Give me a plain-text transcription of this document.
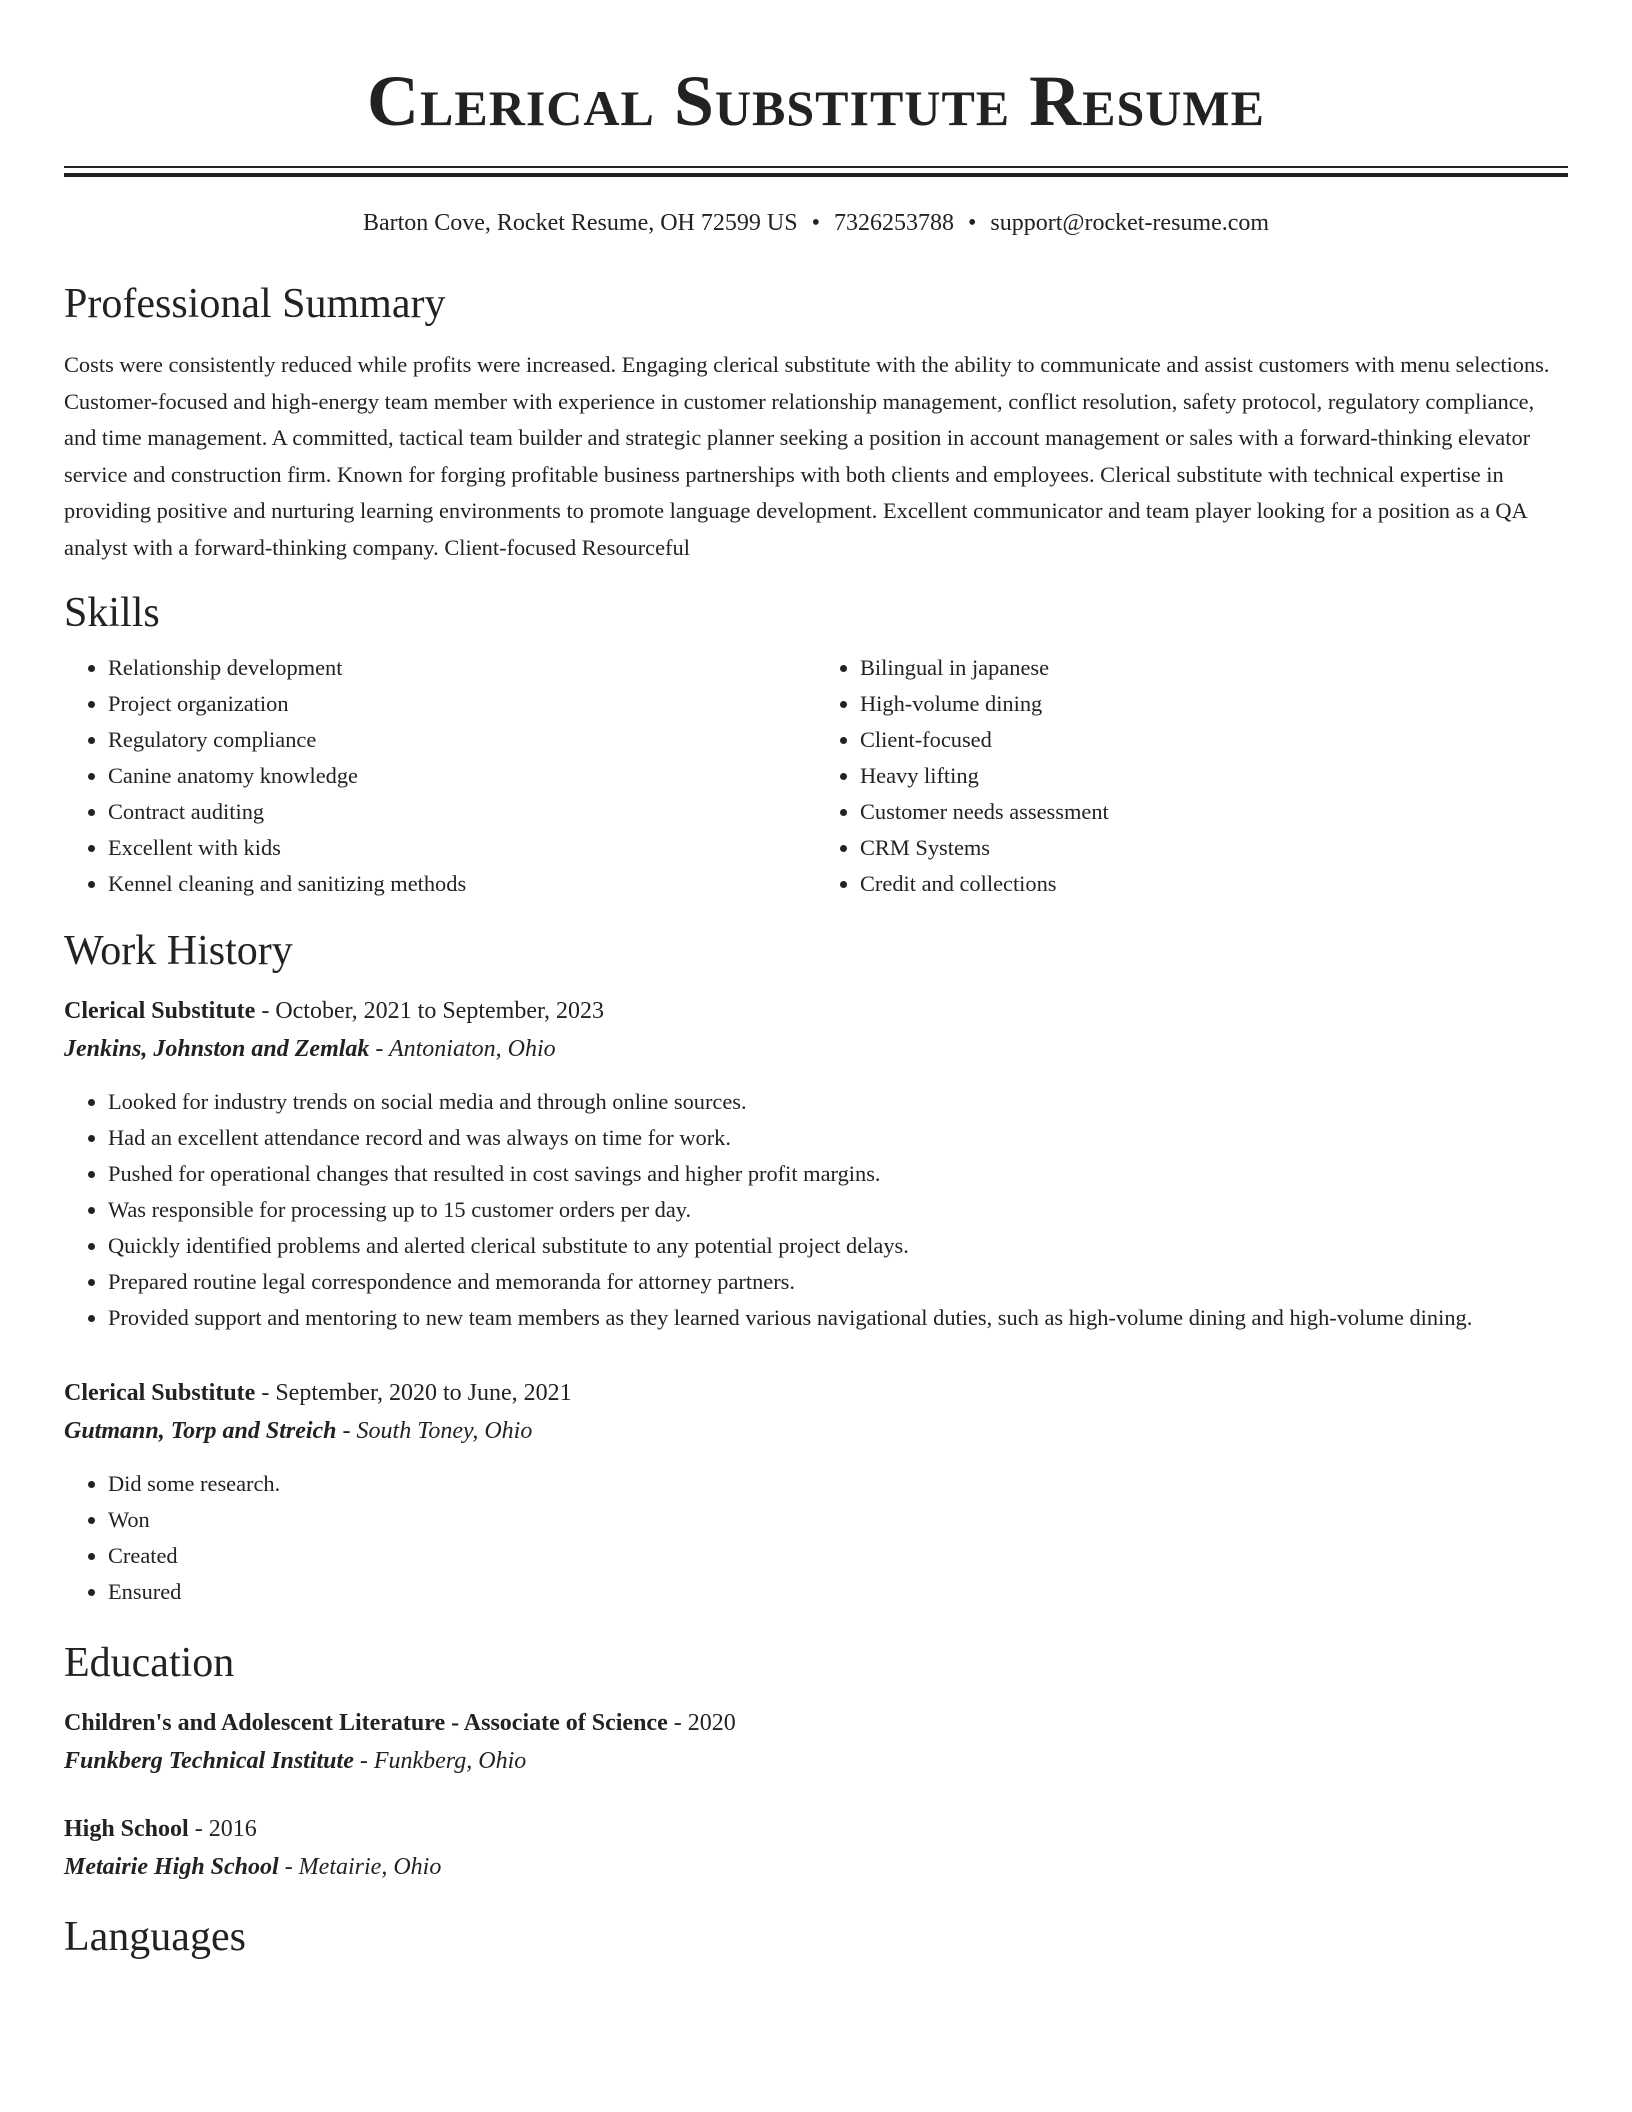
Clerical Substitute Resume
Barton Cove, Rocket Resume, OH 72599 US • 7326253788 • support@rocket-resume.com
Professional Summary
Costs were consistently reduced while profits were increased. Engaging clerical substitute with the ability to communicate and assist customers with menu selections. Customer-focused and high-energy team member with experience in customer relationship management, conflict resolution, safety protocol, regulatory compliance, and time management. A committed, tactical team builder and strategic planner seeking a position in account management or sales with a forward-thinking elevator service and construction firm. Known for forging profitable business partnerships with both clients and employees. Clerical substitute with technical expertise in providing positive and nurturing learning environments to promote language development. Excellent communicator and team player looking for a position as a QA analyst with a forward-thinking company. Client-focused Resourceful
Skills
• Relationship development
• Project organization
• Regulatory compliance
• Canine anatomy knowledge
• Contract auditing
• Excellent with kids
• Kennel cleaning and sanitizing methods
• Bilingual in japanese
• High-volume dining
• Client-focused
• Heavy lifting
• Customer needs assessment
• CRM Systems
• Credit and collections
Work History
Clerical Substitute - October, 2021 to September, 2023
Jenkins, Johnston and Zemlak - Antoniaton, Ohio
• Looked for industry trends on social media and through online sources.
• Had an excellent attendance record and was always on time for work.
• Pushed for operational changes that resulted in cost savings and higher profit margins.
• Was responsible for processing up to 15 customer orders per day.
• Quickly identified problems and alerted clerical substitute to any potential project delays.
• Prepared routine legal correspondence and memoranda for attorney partners.
• Provided support and mentoring to new team members as they learned various navigational duties, such as high-volume dining and high-volume dining.
Clerical Substitute - September, 2020 to June, 2021
Gutmann, Torp and Streich - South Toney, Ohio
• Did some research.
• Won
• Created
• Ensured
Education
Children's and Adolescent Literature - Associate of Science - 2020
Funkberg Technical Institute - Funkberg, Ohio
High School - 2016
Metairie High School - Metairie, Ohio
Languages
